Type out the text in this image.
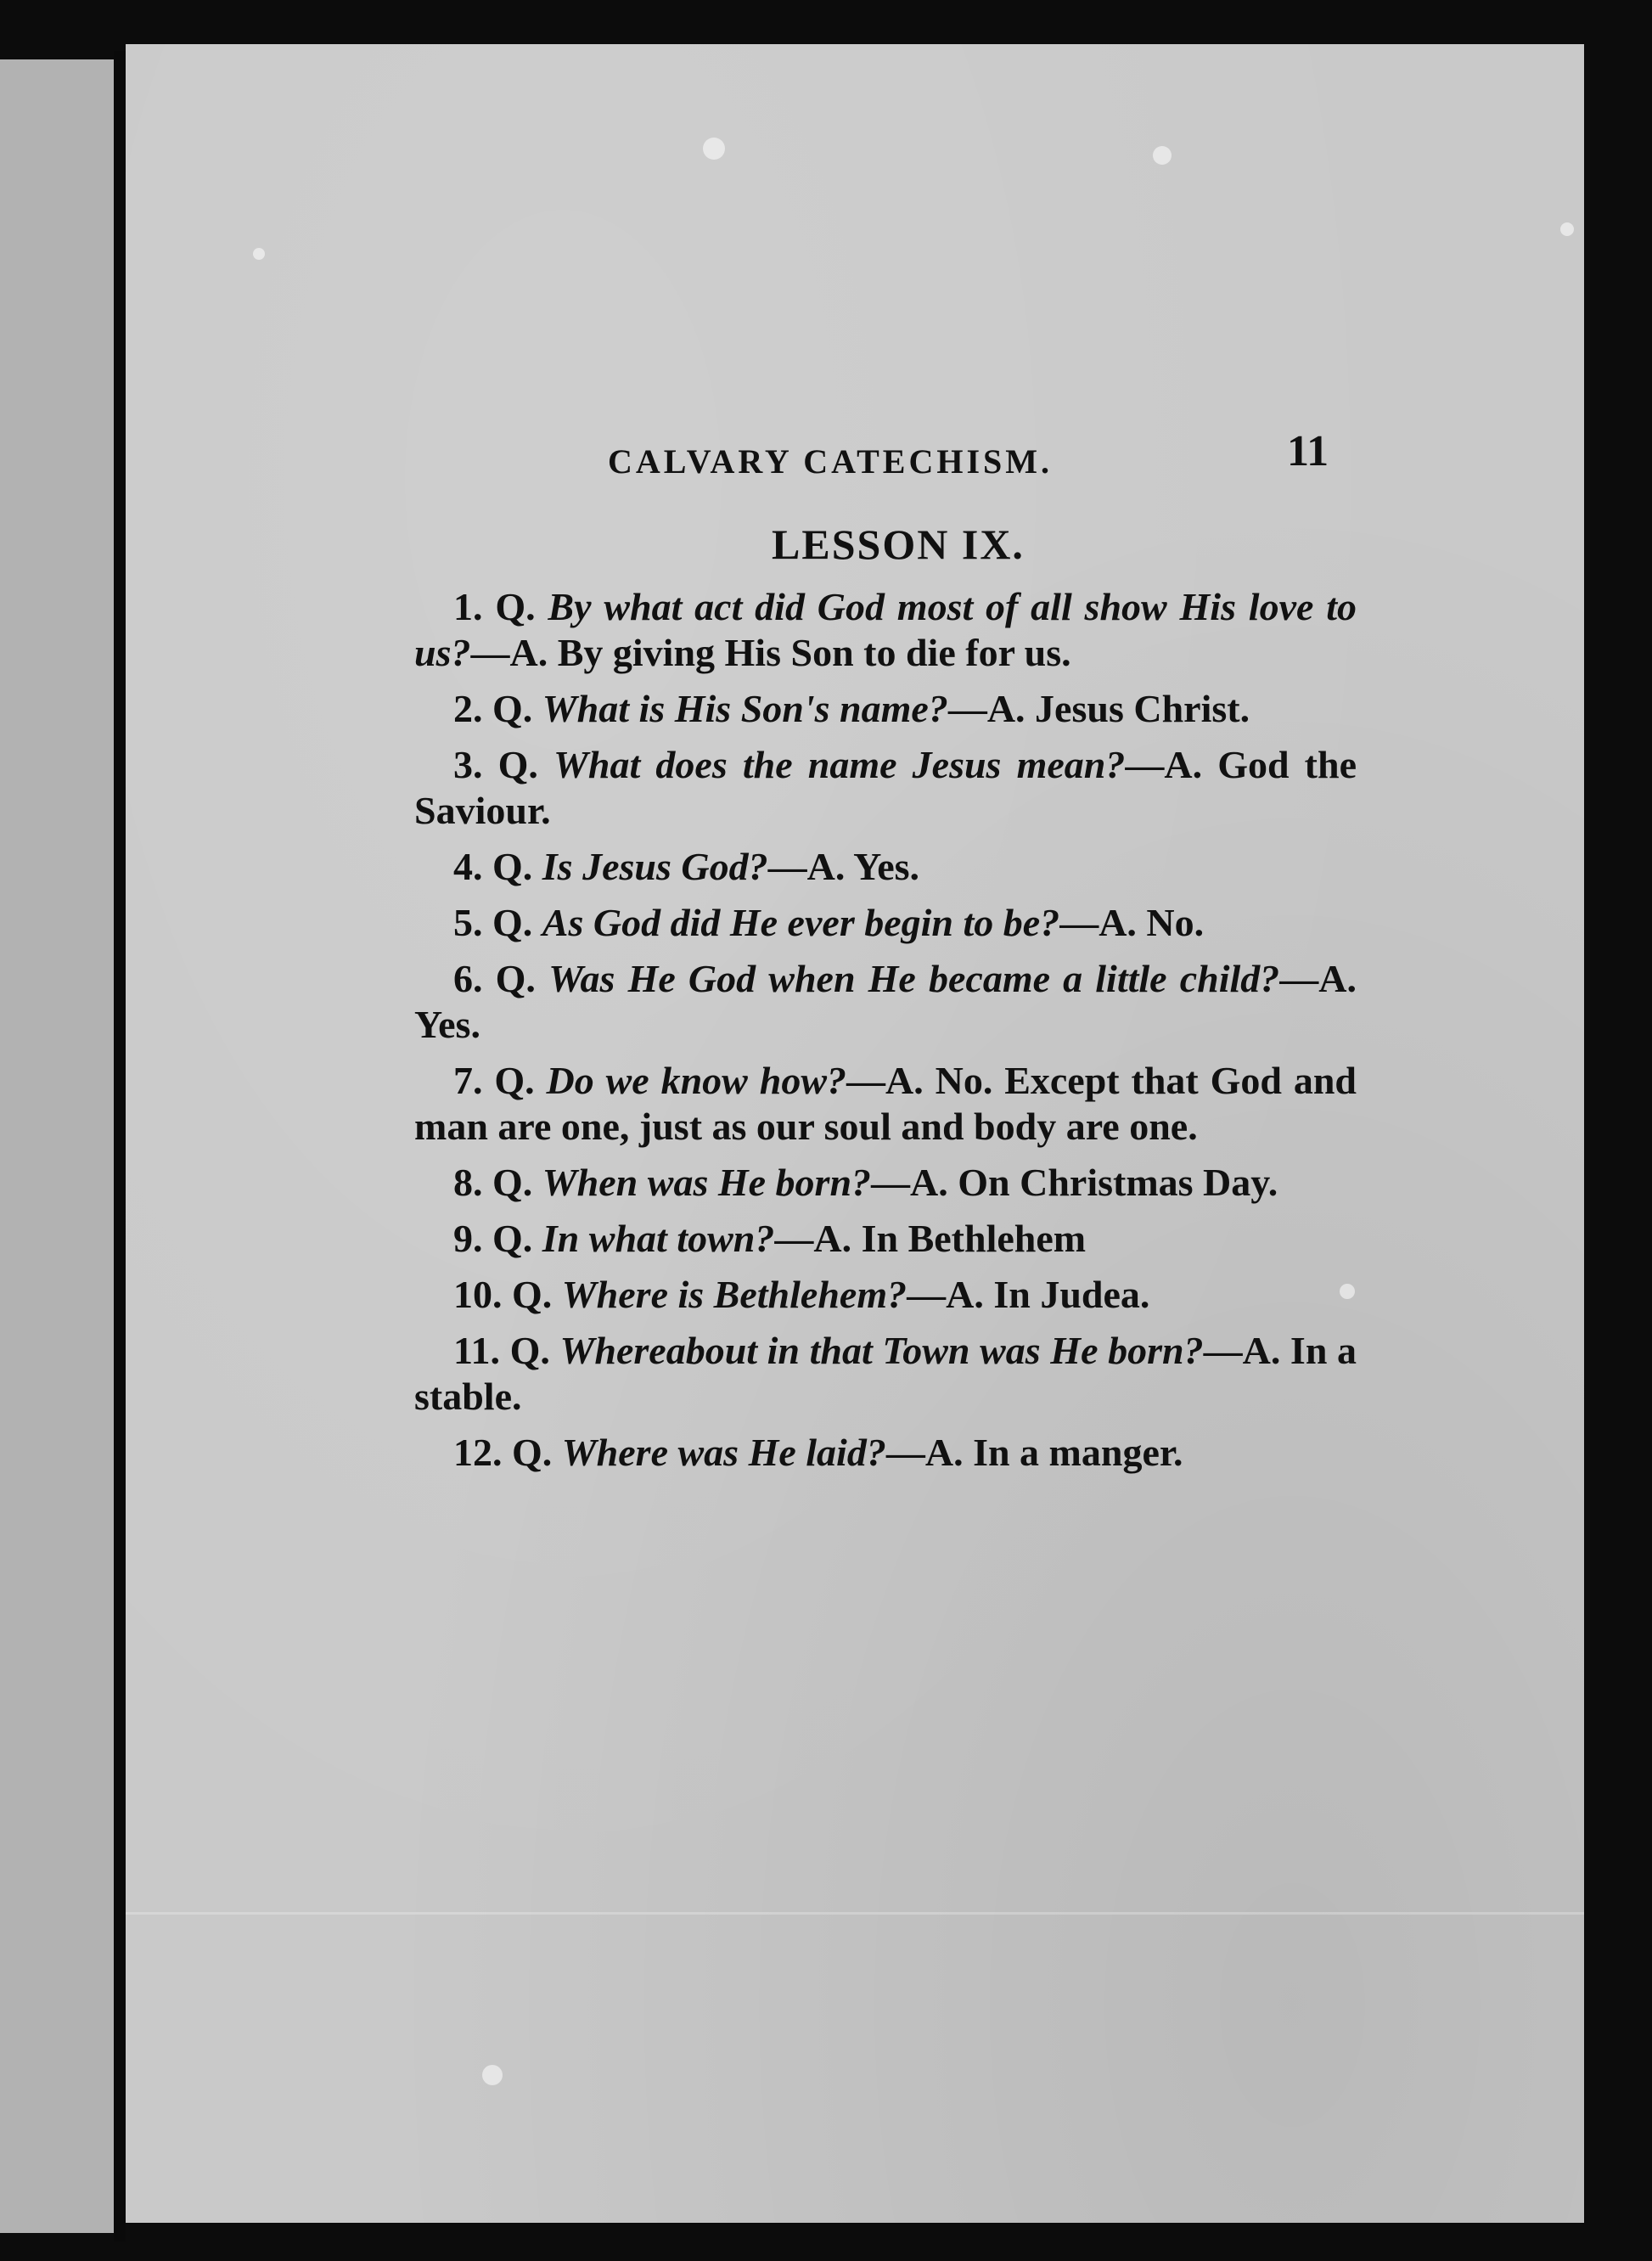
CALVARY CATECHISM.	11
LESSON IX.

1. Q. By what act did God most of all show His love to us?—A. By giving His Son to die for us.

2. Q. What is His Son's name?—A. Jesus Christ.

3. Q. What does the name Jesus mean?—A. God the Saviour.

4. Q. Is Jesus God?—A. Yes.

5. Q. As God did He ever begin to be?—A. No.

6. Q. Was He God when He became a little child?—A. Yes.

7. Q. Do we know how?—A. No. Except that God and man are one, just as our soul and body are one.

8. Q. When was He born?—A. On Christmas Day.

9. Q. In what town?—A. In Bethlehem

10. Q. Where is Bethlehem?—A. In Judea.

11. Q. Whereabout in that Town was He born?—A. In a stable.

12. Q. Where was He laid?—A. In a manger.
